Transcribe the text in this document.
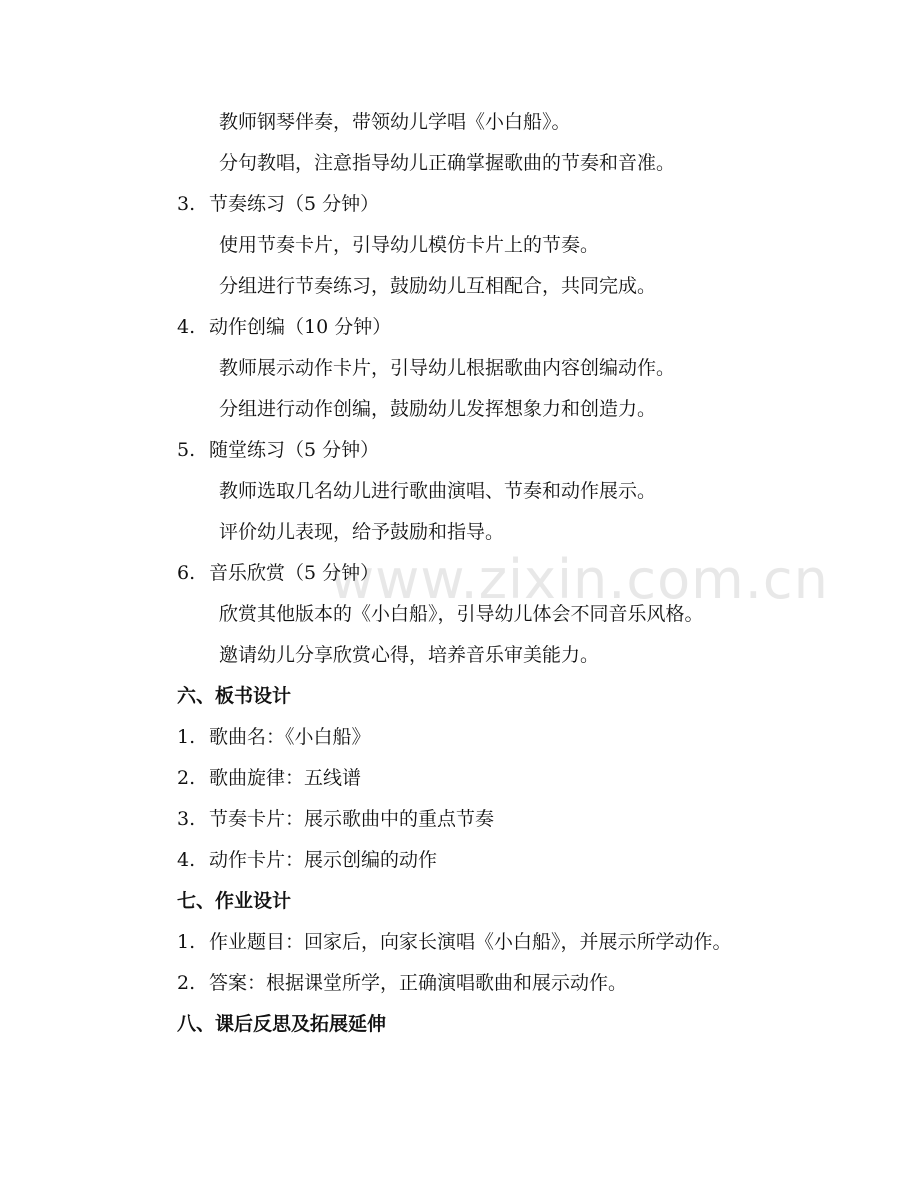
www.zixin.com.cn
教师钢琴伴奏，带领幼儿学唱《小白船》。
分句教唱，注意指导幼儿正确掌握歌曲的节奏和音准。
3. 节奏练习（5 分钟）
使用节奏卡片，引导幼儿模仿卡片上的节奏。
分组进行节奏练习，鼓励幼儿互相配合，共同完成。
4. 动作创编（10 分钟）
教师展示动作卡片，引导幼儿根据歌曲内容创编动作。
分组进行动作创编，鼓励幼儿发挥想象力和创造力。
5. 随堂练习（5 分钟）
教师选取几名幼儿进行歌曲演唱、节奏和动作展示。
评价幼儿表现，给予鼓励和指导。
6. 音乐欣赏（5 分钟）
欣赏其他版本的《小白船》，引导幼儿体会不同音乐风格。
邀请幼儿分享欣赏心得，培养音乐审美能力。
六、板书设计
1. 歌曲名：《小白船》
2. 歌曲旋律：五线谱
3. 节奏卡片：展示歌曲中的重点节奏
4. 动作卡片：展示创编的动作
七、作业设计
1. 作业题目：回家后，向家长演唱《小白船》，并展示所学动作。
2. 答案：根据课堂所学，正确演唱歌曲和展示动作。
八、课后反思及拓展延伸
